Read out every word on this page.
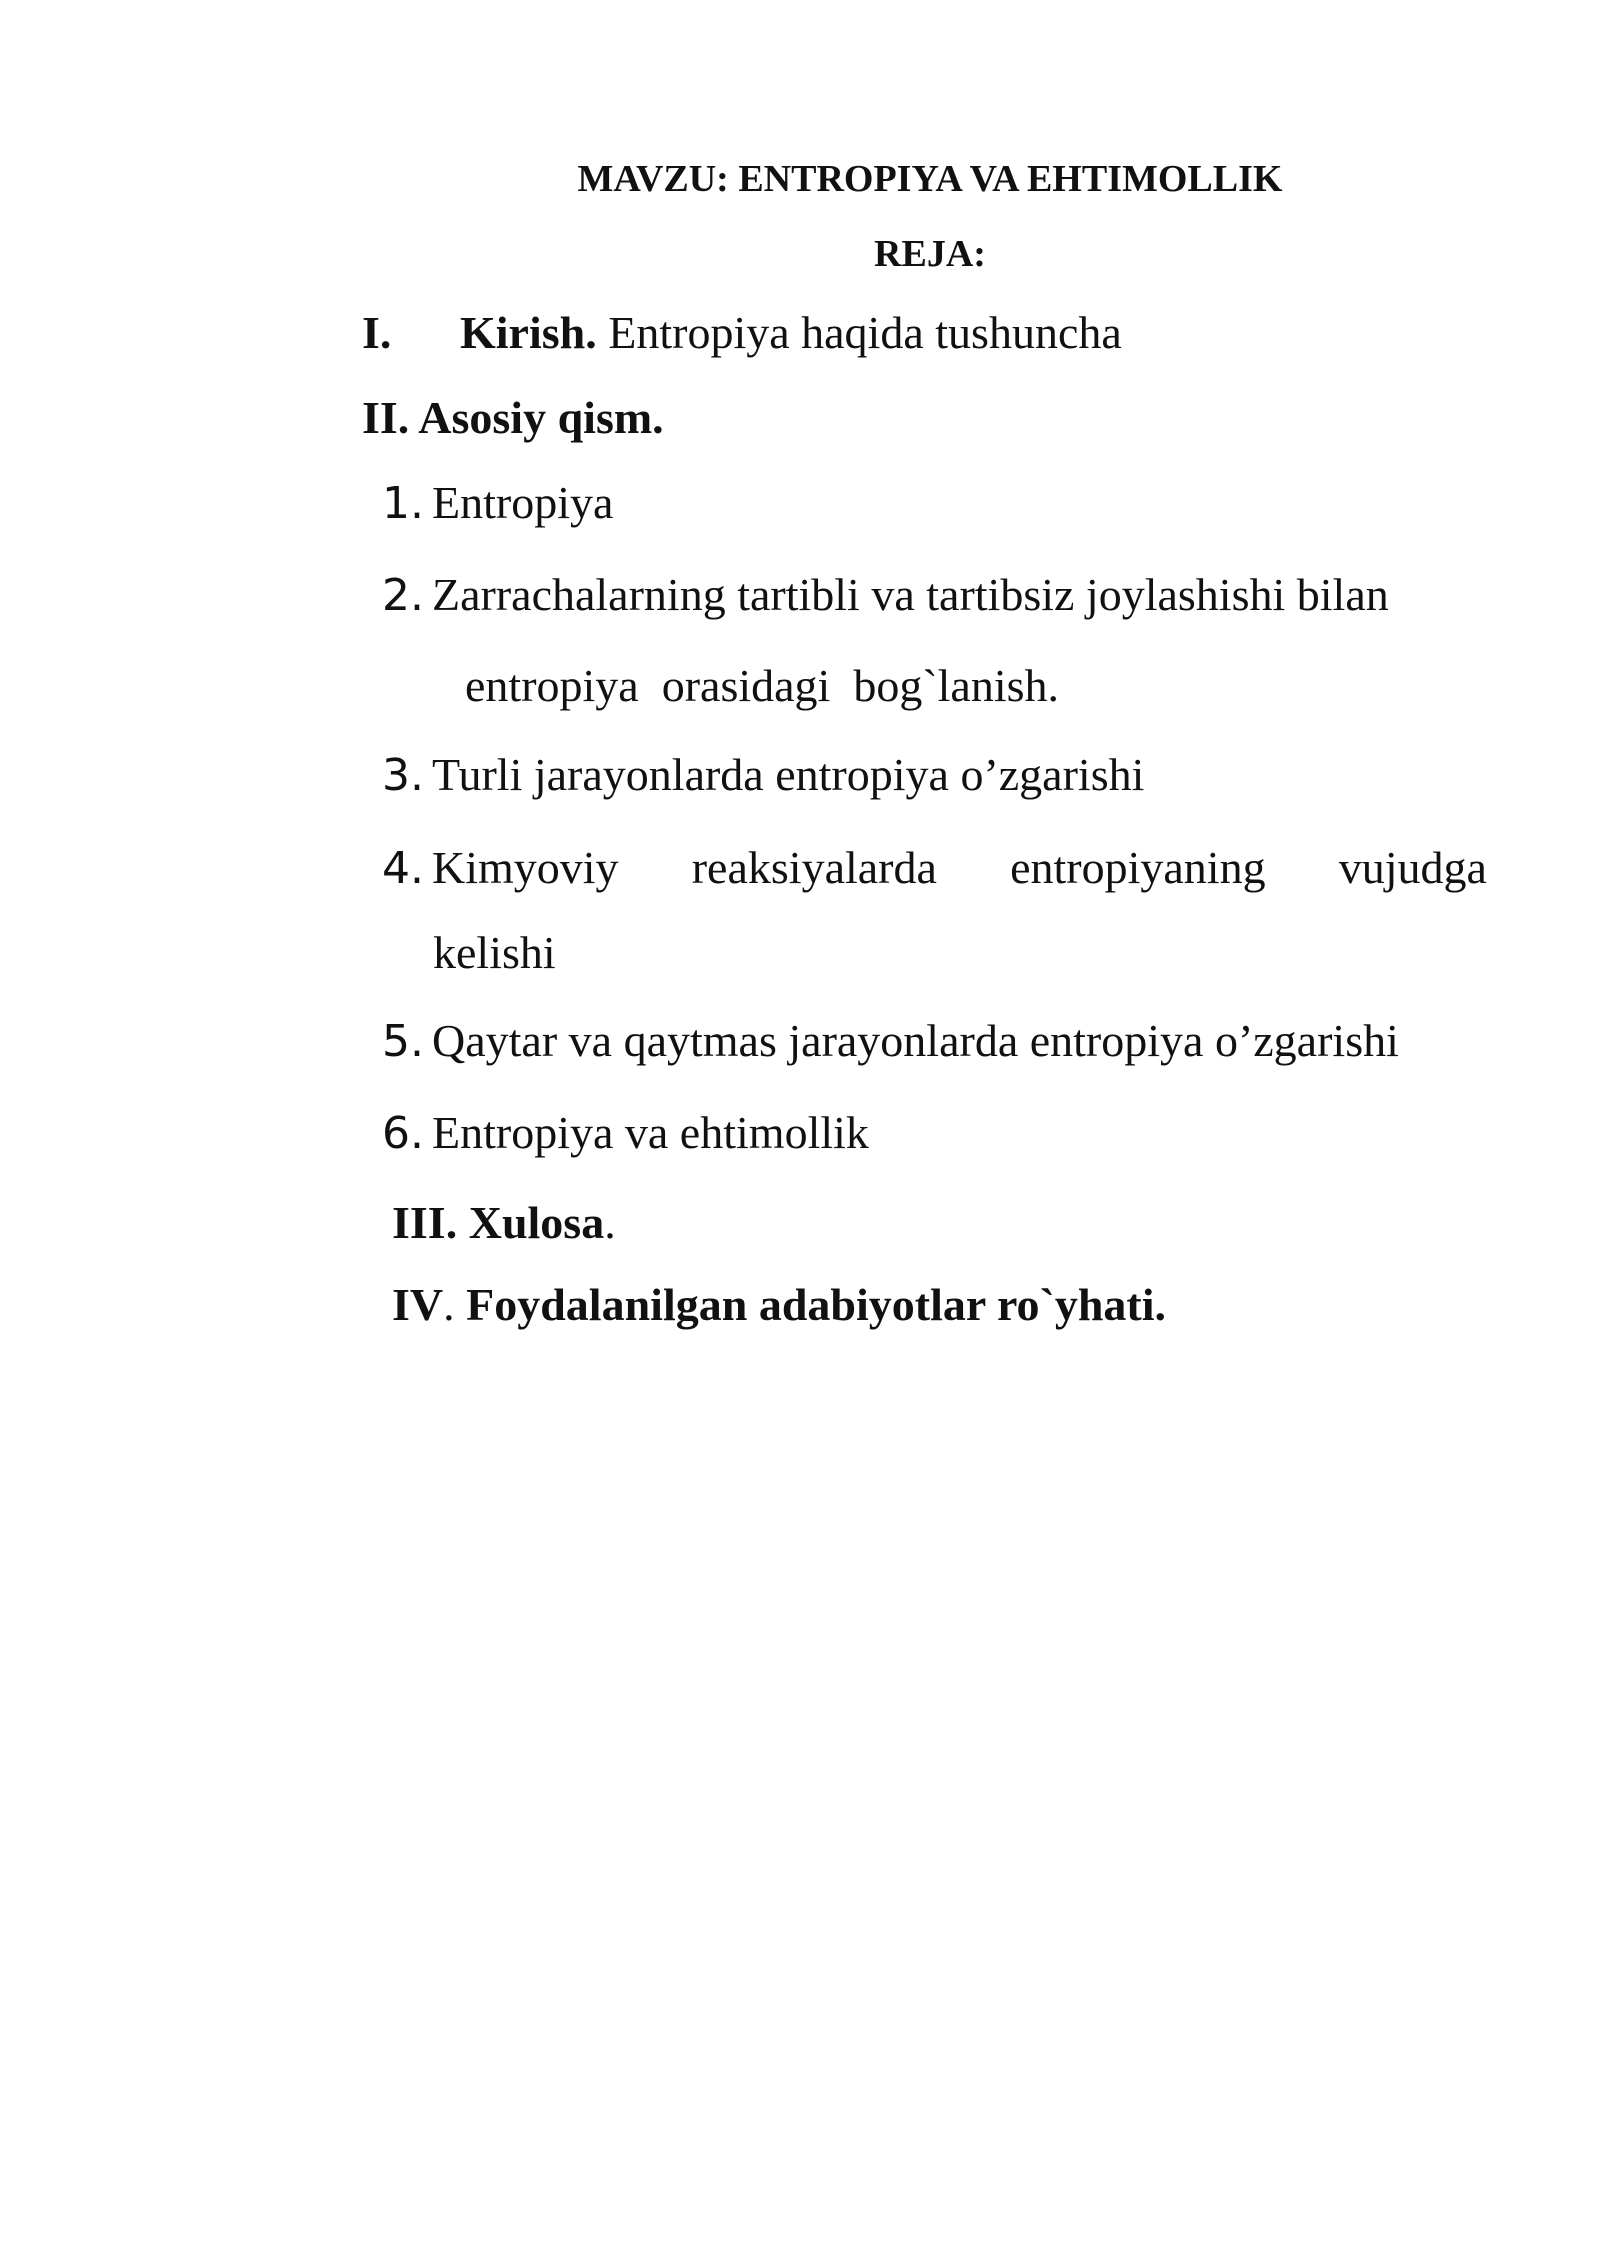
MAVZU: ENTROPIYA VA EHTIMOLLIK
REJA:
I. Kirish. Entropiya haqida tushuncha
II. Asosiy qism.
1. Entropiya
2. Zarrachalarning tartibli va tartibsiz joylashishi bilan
entropiya  orasidagi  bog`lanish.
3. Turli jarayonlarda entropiya o’zgarishi
4. Kimyoviy reaksiyalarda entropiyaning vujudga
kelishi
5. Qaytar va qaytmas jarayonlarda entropiya o’zgarishi
6. Entropiya va ehtimollik
III. Xulosa.
IV. Foydalanilgan adabiyotlar ro`yhati.
